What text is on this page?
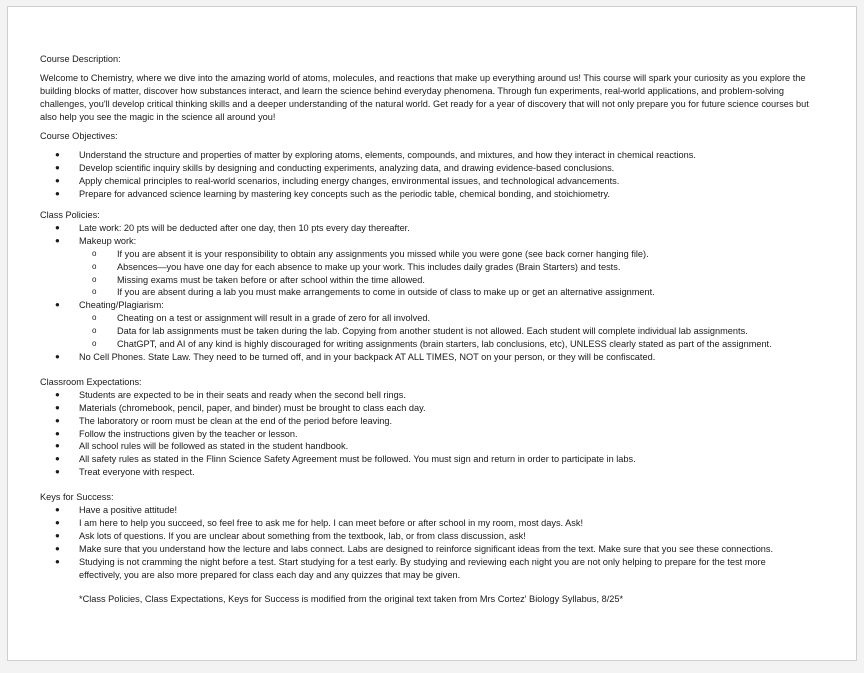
Course Description:
Welcome to Chemistry, where we dive into the amazing world of atoms, molecules, and reactions that make up everything around us! This course will spark your curiosity as you explore the building blocks of matter, discover how substances interact, and learn the science behind everyday phenomena. Through fun experiments, real-world applications, and problem-solving challenges, you'll develop critical thinking skills and a deeper understanding of the natural world. Get ready for a year of discovery that will not only prepare you for future science courses but also help you see the magic in the science all around you!
Course Objectives:
● Understand the structure and properties of matter by exploring atoms, elements, compounds, and mixtures, and how they interact in chemical reactions.
● Develop scientific inquiry skills by designing and conducting experiments, analyzing data, and drawing evidence-based conclusions.
● Apply chemical principles to real-world scenarios, including energy changes, environmental issues, and technological advancements.
● Prepare for advanced science learning by mastering key concepts such as the periodic table, chemical bonding, and stoichiometry.
Class Policies:
● Late work: 20 pts will be deducted after one day, then 10 pts every day thereafter.
● Makeup work:
o If you are absent it is your responsibility to obtain any assignments you missed while you were gone (see back corner hanging file).
o Absences—you have one day for each absence to make up your work. This includes daily grades (Brain Starters) and tests.
o Missing exams must be taken before or after school within the time allowed.
o If you are absent during a lab you must make arrangements to come in outside of class to make up or get an alternative assignment.
● Cheating/Plagiarism:
o Cheating on a test or assignment will result in a grade of zero for all involved.
o Data for lab assignments must be taken during the lab. Copying from another student is not allowed. Each student will complete individual lab assignments.
o ChatGPT, and AI of any kind is highly discouraged for writing assignments (brain starters, lab conclusions, etc), UNLESS clearly stated as part of the assignment.
● No Cell Phones. State Law. They need to be turned off, and in your backpack AT ALL TIMES, NOT on your person, or they will be confiscated.
Classroom Expectations:
● Students are expected to be in their seats and ready when the second bell rings.
● Materials (chromebook, pencil, paper, and binder) must be brought to class each day.
● The laboratory or room must be clean at the end of the period before leaving.
● Follow the instructions given by the teacher or lesson.
● All school rules will be followed as stated in the student handbook.
● All safety rules as stated in the Flinn Science Safety Agreement must be followed. You must sign and return in order to participate in labs.
● Treat everyone with respect.
Keys for Success:
● Have a positive attitude!
● I am here to help you succeed, so feel free to ask me for help. I can meet before or after school in my room, most days. Ask!
● Ask lots of questions. If you are unclear about something from the textbook, lab, or from class discussion, ask!
● Make sure that you understand how the lecture and labs connect. Labs are designed to reinforce significant ideas from the text. Make sure that you see these connections.
● Studying is not cramming the night before a test. Start studying for a test early. By studying and reviewing each night you are not only helping to prepare for the test more effectively, you are also more prepared for class each day and any quizzes that may be given.
*Class Policies, Class Expectations, Keys for Success is modified from the original text taken from Mrs Cortez' Biology Syllabus, 8/25*
